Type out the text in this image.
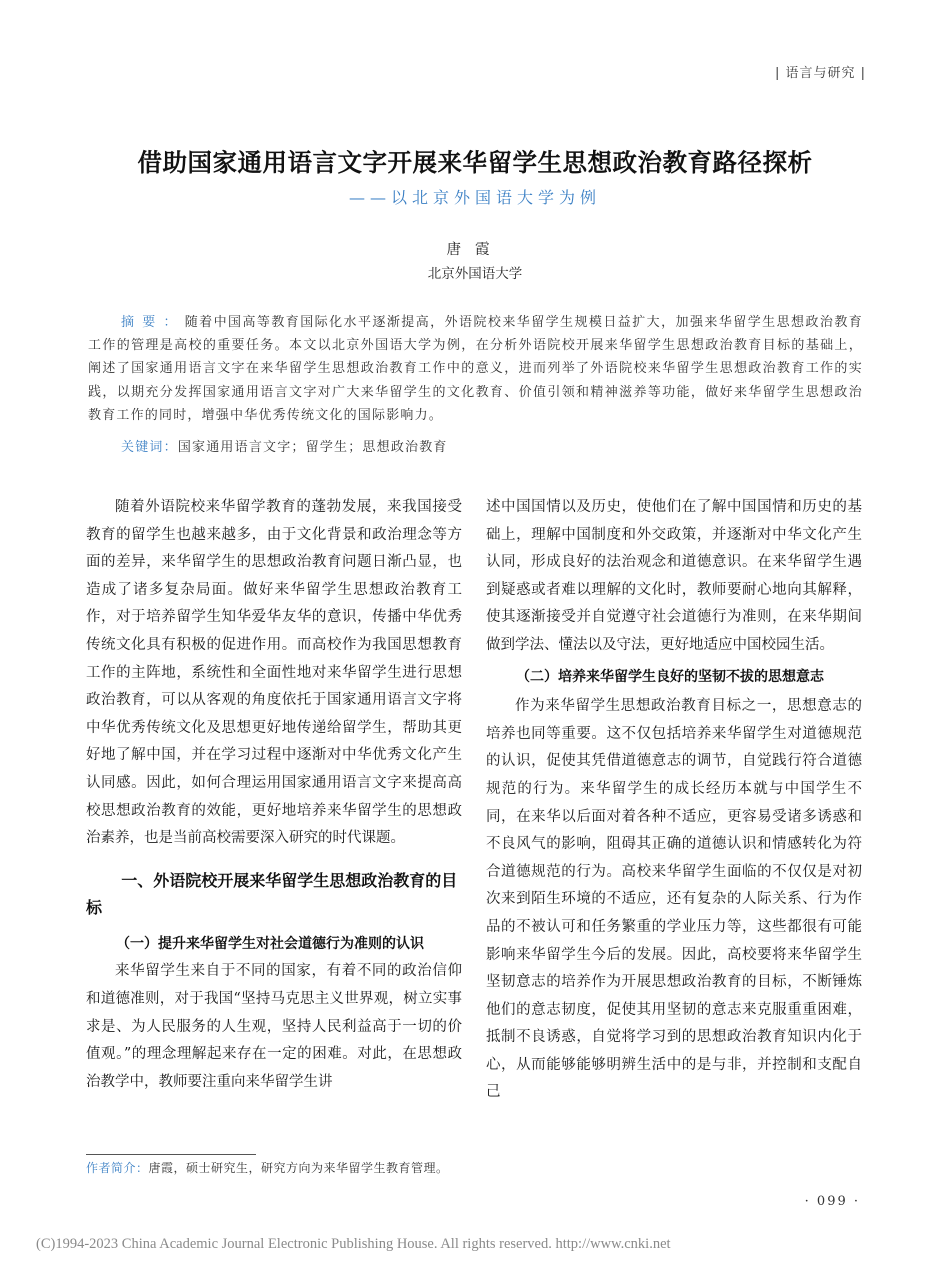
| 语言与研究 |
借助国家通用语言文字开展来华留学生思想政治教育路径探析
——以北京外国语大学为例
唐霞
北京外国语大学
摘要：随着中国高等教育国际化水平逐渐提高，外语院校来华留学生规模日益扩大，加强来华留学生思想政治教育工作的管理是高校的重要任务。本文以北京外国语大学为例，在分析外语院校开展来华留学生思想政治教育目标的基础上，阐述了国家通用语言文字在来华留学生思想政治教育工作中的意义，进而列举了外语院校来华留学生思想政治教育工作的实践，以期充分发挥国家通用语言文字对广大来华留学生的文化教育、价值引领和精神滋养等功能，做好来华留学生思想政治教育工作的同时，增强中华优秀传统文化的国际影响力。
关键词：国家通用语言文字；留学生；思想政治教育

随着外语院校来华留学教育的蓬勃发展，来我国接受教育的留学生也越来越多，由于文化背景和政治理念等方面的差异，来华留学生的思想政治教育问题日渐凸显，也造成了诸多复杂局面。做好来华留学生思想政治教育工作，对于培养留学生知华爱华友华的意识，传播中华优秀传统文化具有积极的促进作用。而高校作为我国思想教育工作的主阵地，系统性和全面性地对来华留学生进行思想政治教育，可以从客观的角度依托于国家通用语言文字将中华优秀传统文化及思想更好地传递给留学生，帮助其更好地了解中国，并在学习过程中逐渐对中华优秀文化产生认同感。因此，如何合理运用国家通用语言文字来提高高校思想政治教育的效能，更好地培养来华留学生的思想政治素养，也是当前高校需要深入研究的时代课题。

一、外语院校开展来华留学生思想政治教育的目标
（一）提升来华留学生对社会道德行为准则的认识

来华留学生来自于不同的国家，有着不同的政治信仰和道德准则，对于我国“坚持马克思主义世界观，树立实事求是、为人民服务的人生观，坚持人民利益高于一切的价值观。”的理念理解起来存在一定的困难。对此，在思想政治教学中，教师要注重向来华留学生讲

述中国国情以及历史，使他们在了解中国国情和历史的基础上，理解中国制度和外交政策，并逐渐对中华文化产生认同，形成良好的法治观念和道德意识。在来华留学生遇到疑惑或者难以理解的文化时，教师要耐心地向其解释，使其逐渐接受并自觉遵守社会道德行为准则，在来华期间做到学法、懂法以及守法，更好地适应中国校园生活。

（二）培养来华留学生良好的坚韧不拔的思想意志

作为来华留学生思想政治教育目标之一，思想意志的培养也同等重要。这不仅包括培养来华留学生对道德规范的认识，促使其凭借道德意志的调节，自觉践行符合道德规范的行为。来华留学生的成长经历本就与中国学生不同，在来华以后面对着各种不适应，更容易受诸多诱惑和不良风气的影响，阻碍其正确的道德认识和情感转化为符合道德规范的行为。高校来华留学生面临的不仅仅是对初次来到陌生环境的不适应，还有复杂的人际关系、行为作品的不被认可和任务繁重的学业压力等，这些都很有可能影响来华留学生今后的发展。因此，高校要将来华留学生坚韧意志的培养作为开展思想政治教育的目标，不断锤炼他们的意志韧度，促使其用坚韧的意志来克服重重困难，抵制不良诱惑，自觉将学习到的思想政治教育知识内化于心，从而能够能够明辨生活中的是与非，并控制和支配自己

作者简介：唐霞，硕士研究生，研究方向为来华留学生教育管理。
· 099 ·
(C)1994-2023 China Academic Journal Electronic Publishing House. All rights reserved. http://www.cnki.net
